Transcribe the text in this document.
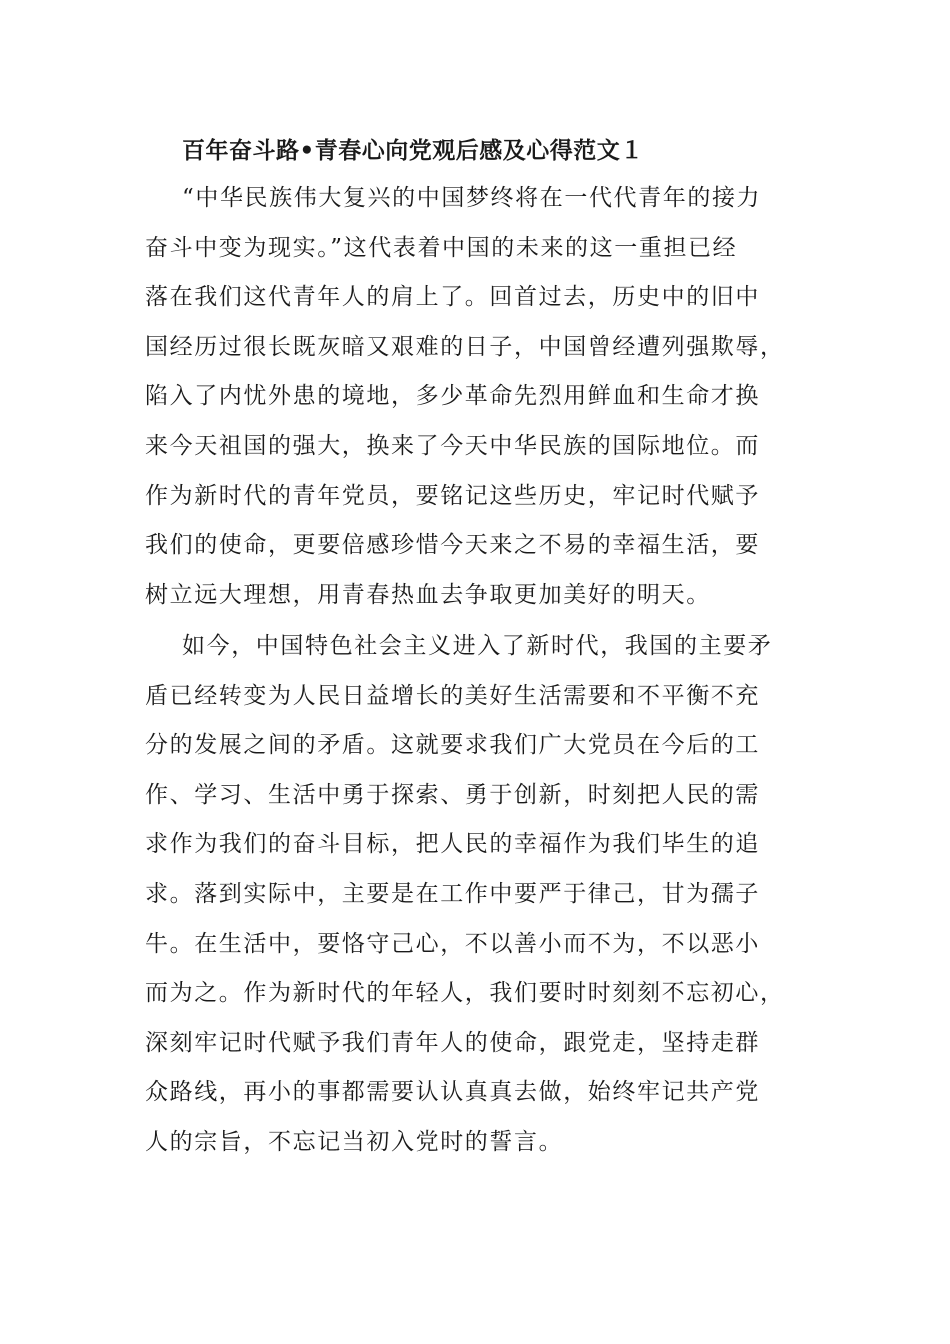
百年奋斗路•青春心向党观后感及心得范文１
“中华民族伟大复兴的中国梦终将在一代代青年的接力
奋斗中变为现实。”这代表着中国的未来的这一重担已经
落在我们这代青年人的肩上了。回首过去，历史中的旧中
国经历过很长既灰暗又艰难的日子，中国曾经遭列强欺辱，
陷入了内忧外患的境地，多少革命先烈用鲜血和生命才换
来今天祖国的强大，换来了今天中华民族的国际地位。而
作为新时代的青年党员，要铭记这些历史，牢记时代赋予
我们的使命，更要倍感珍惜今天来之不易的幸福生活，要
树立远大理想，用青春热血去争取更加美好的明天。
如今，中国特色社会主义进入了新时代，我国的主要矛
盾已经转变为人民日益增长的美好生活需要和不平衡不充
分的发展之间的矛盾。这就要求我们广大党员在今后的工
作、学习、生活中勇于探索、勇于创新，时刻把人民的需
求作为我们的奋斗目标，把人民的幸福作为我们毕生的追
求。落到实际中，主要是在工作中要严于律己，甘为孺子
牛。在生活中，要恪守己心，不以善小而不为，不以恶小
而为之。作为新时代的年轻人，我们要时时刻刻不忘初心，
深刻牢记时代赋予我们青年人的使命，跟党走，坚持走群
众路线，再小的事都需要认认真真去做，始终牢记共产党
人的宗旨，不忘记当初入党时的誓言。
